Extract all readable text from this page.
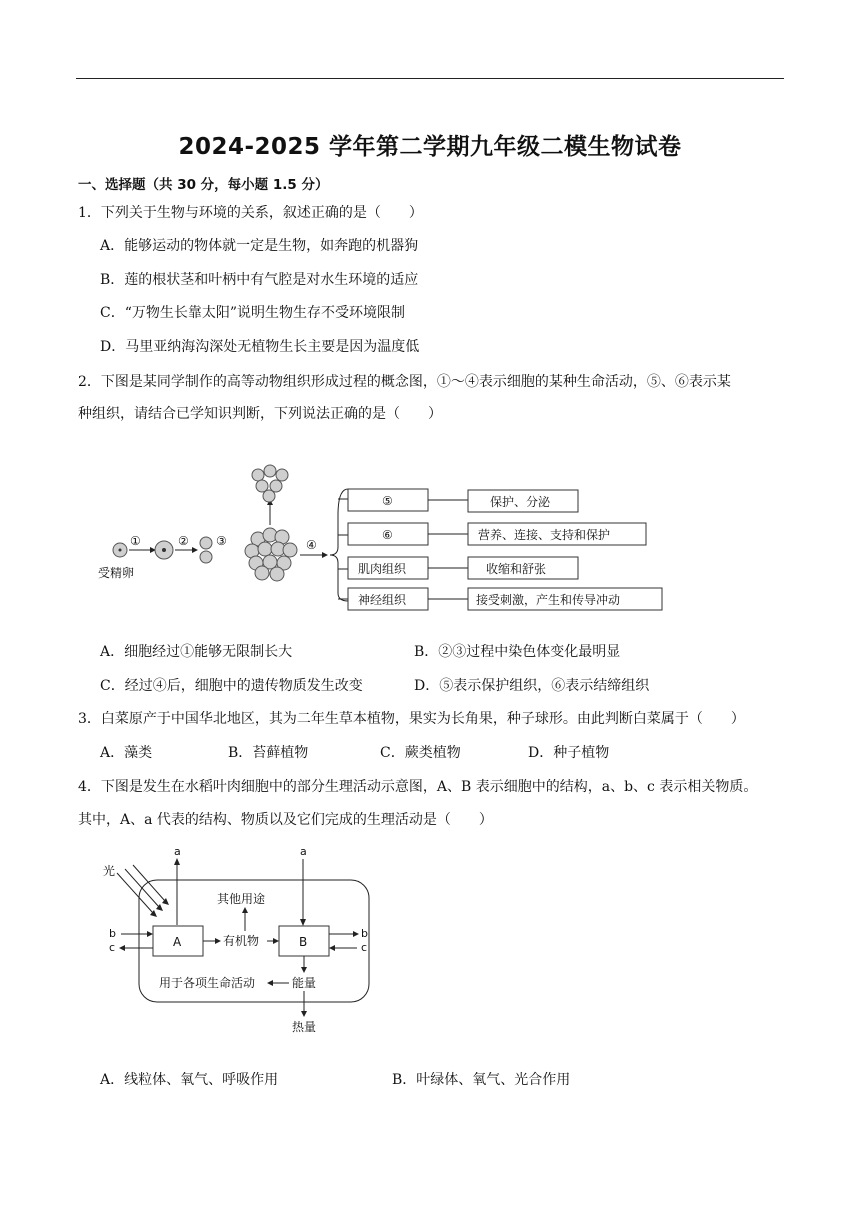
2024-2025 学年第二学期九年级二模生物试卷
一、选择题（共 30 分，每小题 1.5 分）
1．下列关于生物与环境的关系，叙述正确的是（　　）
A．能够运动的物体就一定是生物，如奔跑的机器狗
B．莲的根状茎和叶柄中有气腔是对水生环境的适应
C．“万物生长靠太阳”说明生物生存不受环境限制
D．马里亚纳海沟深处无植物生长主要是因为温度低
2．下图是某同学制作的高等动物组织形成过程的概念图，①～④表示细胞的某种生命活动，⑤、⑥表示某
种组织，请结合已学知识判断，下列说法正确的是（　　）
受精卵
①	② ③	④
⑤
⑥
肌肉组织
神经组织
保护、分泌
营养、连接、支持和保护
收缩和舒张
接受刺激，产生和传导冲动
A．细胞经过①能够无限制长大	B．②③过程中染色体变化最明显
C．经过④后，细胞中的遗传物质发生改变	D．⑤表示保护组织，⑥表示结缔组织
3．白菜原产于中国华北地区，其为二年生草本植物，果实为长角果，种子球形。由此判断白菜属于（　　）
A．藻类	B．苔藓植物	C．蕨类植物	D．种子植物
4．下图是发生在水稻叶肉细胞中的部分生理活动示意图，A、B 表示细胞中的结构，a、b、c 表示相关物质。
其中，A、a 代表的结构、物质以及它们完成的生理活动是（　　）
光
a	a
A
b
c	有机物
其他用途
B
b
c
能量
用于各项生命活动
热量
A．线粒体、氧气、呼吸作用	B．叶绿体、氧气、光合作用
